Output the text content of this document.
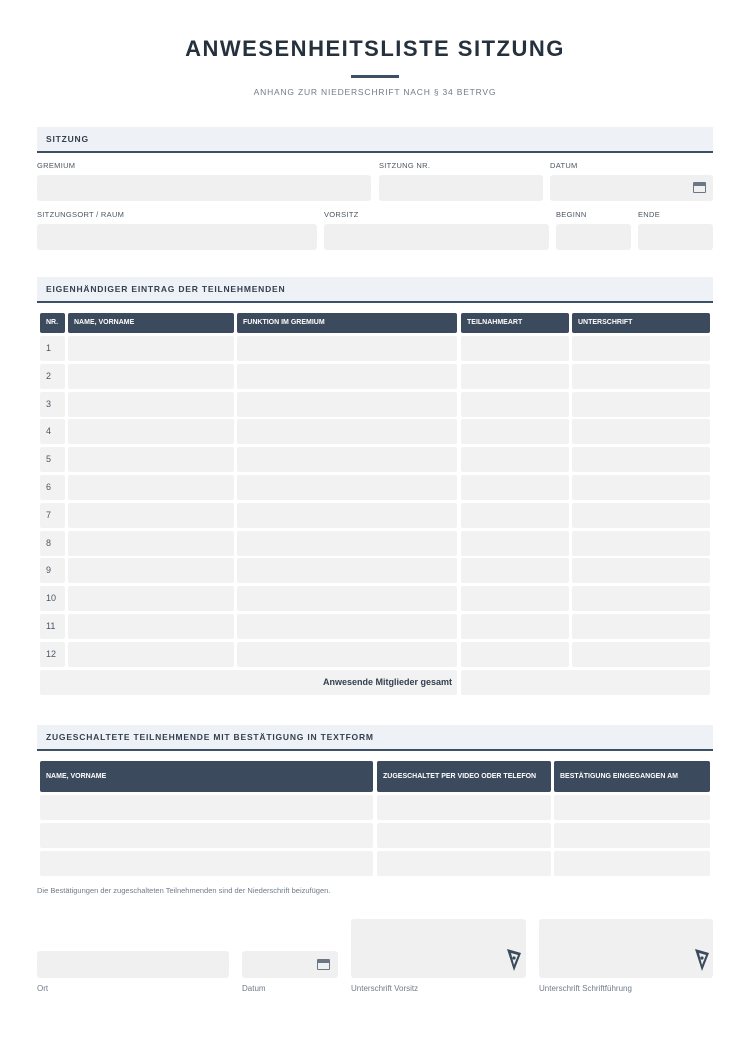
ANWESENHEITSLISTE SITZUNG
ANHANG ZUR NIEDERSCHRIFT NACH § 34 BETRVG
SITZUNG
GREMIUM	SITZUNG NR.	DATUM
SITZUNGSORT / RAUM	VORSITZ	BEGINN	ENDE
EIGENHÄNDIGER EINTRAG DER TEILNEHMENDEN
NR.	NAME, VORNAME	FUNKTION IM GREMIUM	TEILNAHMEART	UNTERSCHRIFT
1
2
3
4
5
6
7
8
9
10
11
12
Anwesende Mitglieder gesamt
ZUGESCHALTETE TEILNEHMENDE MIT BESTÄTIGUNG IN TEXTFORM
NAME, VORNAME	ZUGESCHALTET PER VIDEO ODER TELEFON	BESTÄTIGUNG EINGEGANGEN AM
Die Bestätigungen der zugeschalteten Teilnehmenden sind der Niederschrift beizufügen.
Ort	Datum	Unterschrift Vorsitz	Unterschrift Schriftführung
